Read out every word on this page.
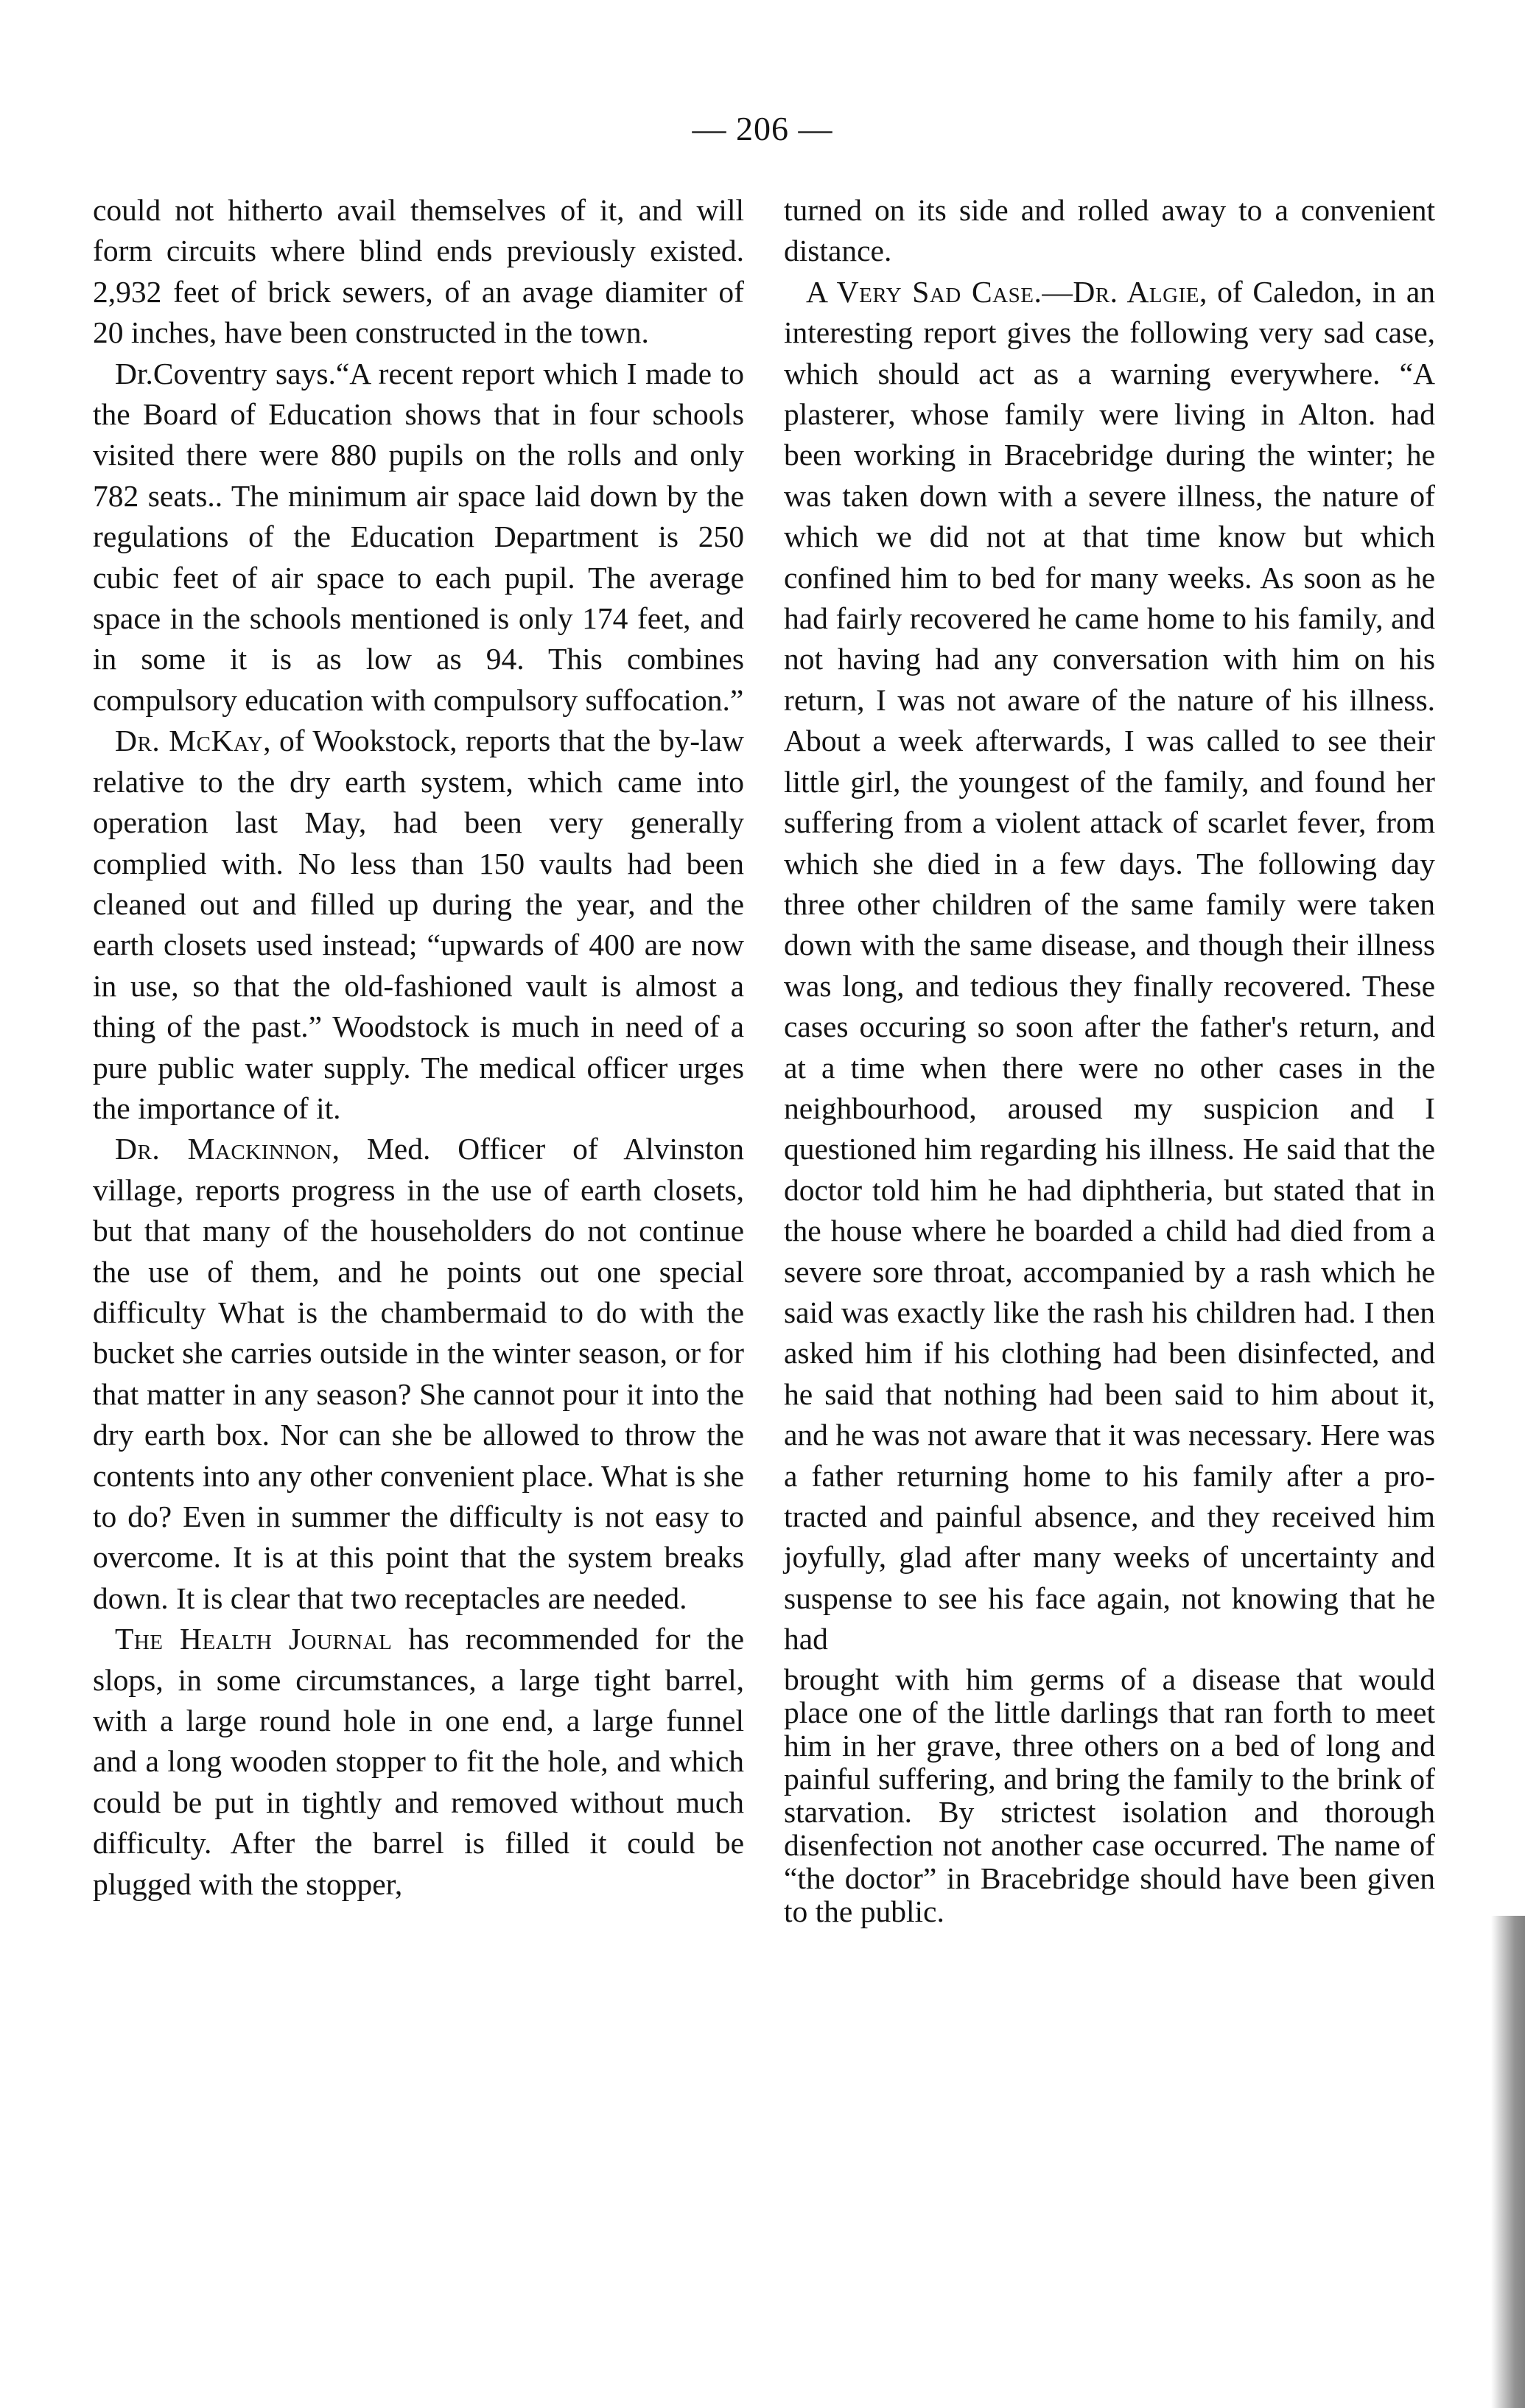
— 206 —

could not hitherto avail themselves of it, and will form circuits where blind ends previously existed. 2,932 feet of brick sewers, of an avage diamiter of 20 inches, have been constructed in the town.

Dr.Coventry says.“A recent report which I made to the Board of Education shows that in four schools visited there were 880 pupils on the rolls and only 782 seats.. The minimum air space laid down by the regulations of the Education Department is 250 cubic feet of air space to each pupil. The average space in the schools mentioned is only 174 feet, and in some it is as low as 94. This combines compulsory education with compulsory suffocation.”

Dr. McKay, of Wookstock, reports that the by-law relative to the dry earth system, which came into operation last May, had been very generally complied with. No less than 150 vaults had been cleaned out and filled up during the year, and the earth closets used instead; “upwards of 400 are now in use, so that the old-fashioned vault is almost a thing of the past.” Woodstock is much in need of a pure public water supply. The medical officer urges the importance of it.

Dr. Mackinnon, Med. Officer of Alvinston village, reports progress in the use of earth closets, but that many of the householders do not continue the use of them, and he points out one special difficulty What is the chambermaid to do with the bucket she carries outside in the winter season, or for that matter in any season? She cannot pour it into the dry earth box. Nor can she be allowed to throw the contents into any other convenient place. What is she to do? Even in summer the difficulty is not easy to overcome. It is at this point that the system breaks down. It is clear that two receptacles are needed.

The Health Journal has recommended for the slops, in some circumstances, a large tight barrel, with a large round hole in one end, a large funnel and a long wooden stopper to fit the hole, and which could be put in tightly and removed without much difficulty. After the barrel is filled it could be plugged with the stopper,

turned on its side and rolled away to a convenient distance.

A Very Sad Case.—Dr. Algie, of Caledon, in an interesting report gives the following very sad case, which should act as a warning everywhere. “A plasterer, whose family were living in Alton. had been working in Bracebridge during the winter; he was taken down with a severe illness, the nature of which we did not at that time know but which confined him to bed for many weeks. As soon as he had fairly recovered he came home to his family, and not having had any conversation with him on his return, I was not aware of the nature of his illness. About a week afterwards, I was called to see their little girl, the youngest of the family, and found her suffering from a violent attack of scarlet fever, from which she died in a few days. The following day three other children of the same family were taken down with the same disease, and though their illness was long, and tedious they finally recovered. These cases occuring so soon after the father's return, and at a time when there were no other cases in the neighbourhood, aroused my suspicion and I questioned him regarding his illness. He said that the doctor told him he had diphtheria, but stated that in the house where he boarded a child had died from a severe sore throat, accompanied by a rash which he said was exactly like the rash his children had. I then asked him if his clothing had been disinfected, and he said that nothing had been said to him about it, and he was not aware that it was necessary. Here was a father returning home to his family after a protracted and painful absence, and they received him joyfully, glad after many weeks of uncertainty and suspense to see his face again, not knowing that he had

brought with him germs of a disease that would place one of the little darlings that ran forth to meet him in her grave, three others on a bed of long and painful suffering, and bring the family to the brink of starvation. By strictest isolation and thorough disenfection not another case occurred. The name of “the doctor” in Bracebridge should have been given to the public.
